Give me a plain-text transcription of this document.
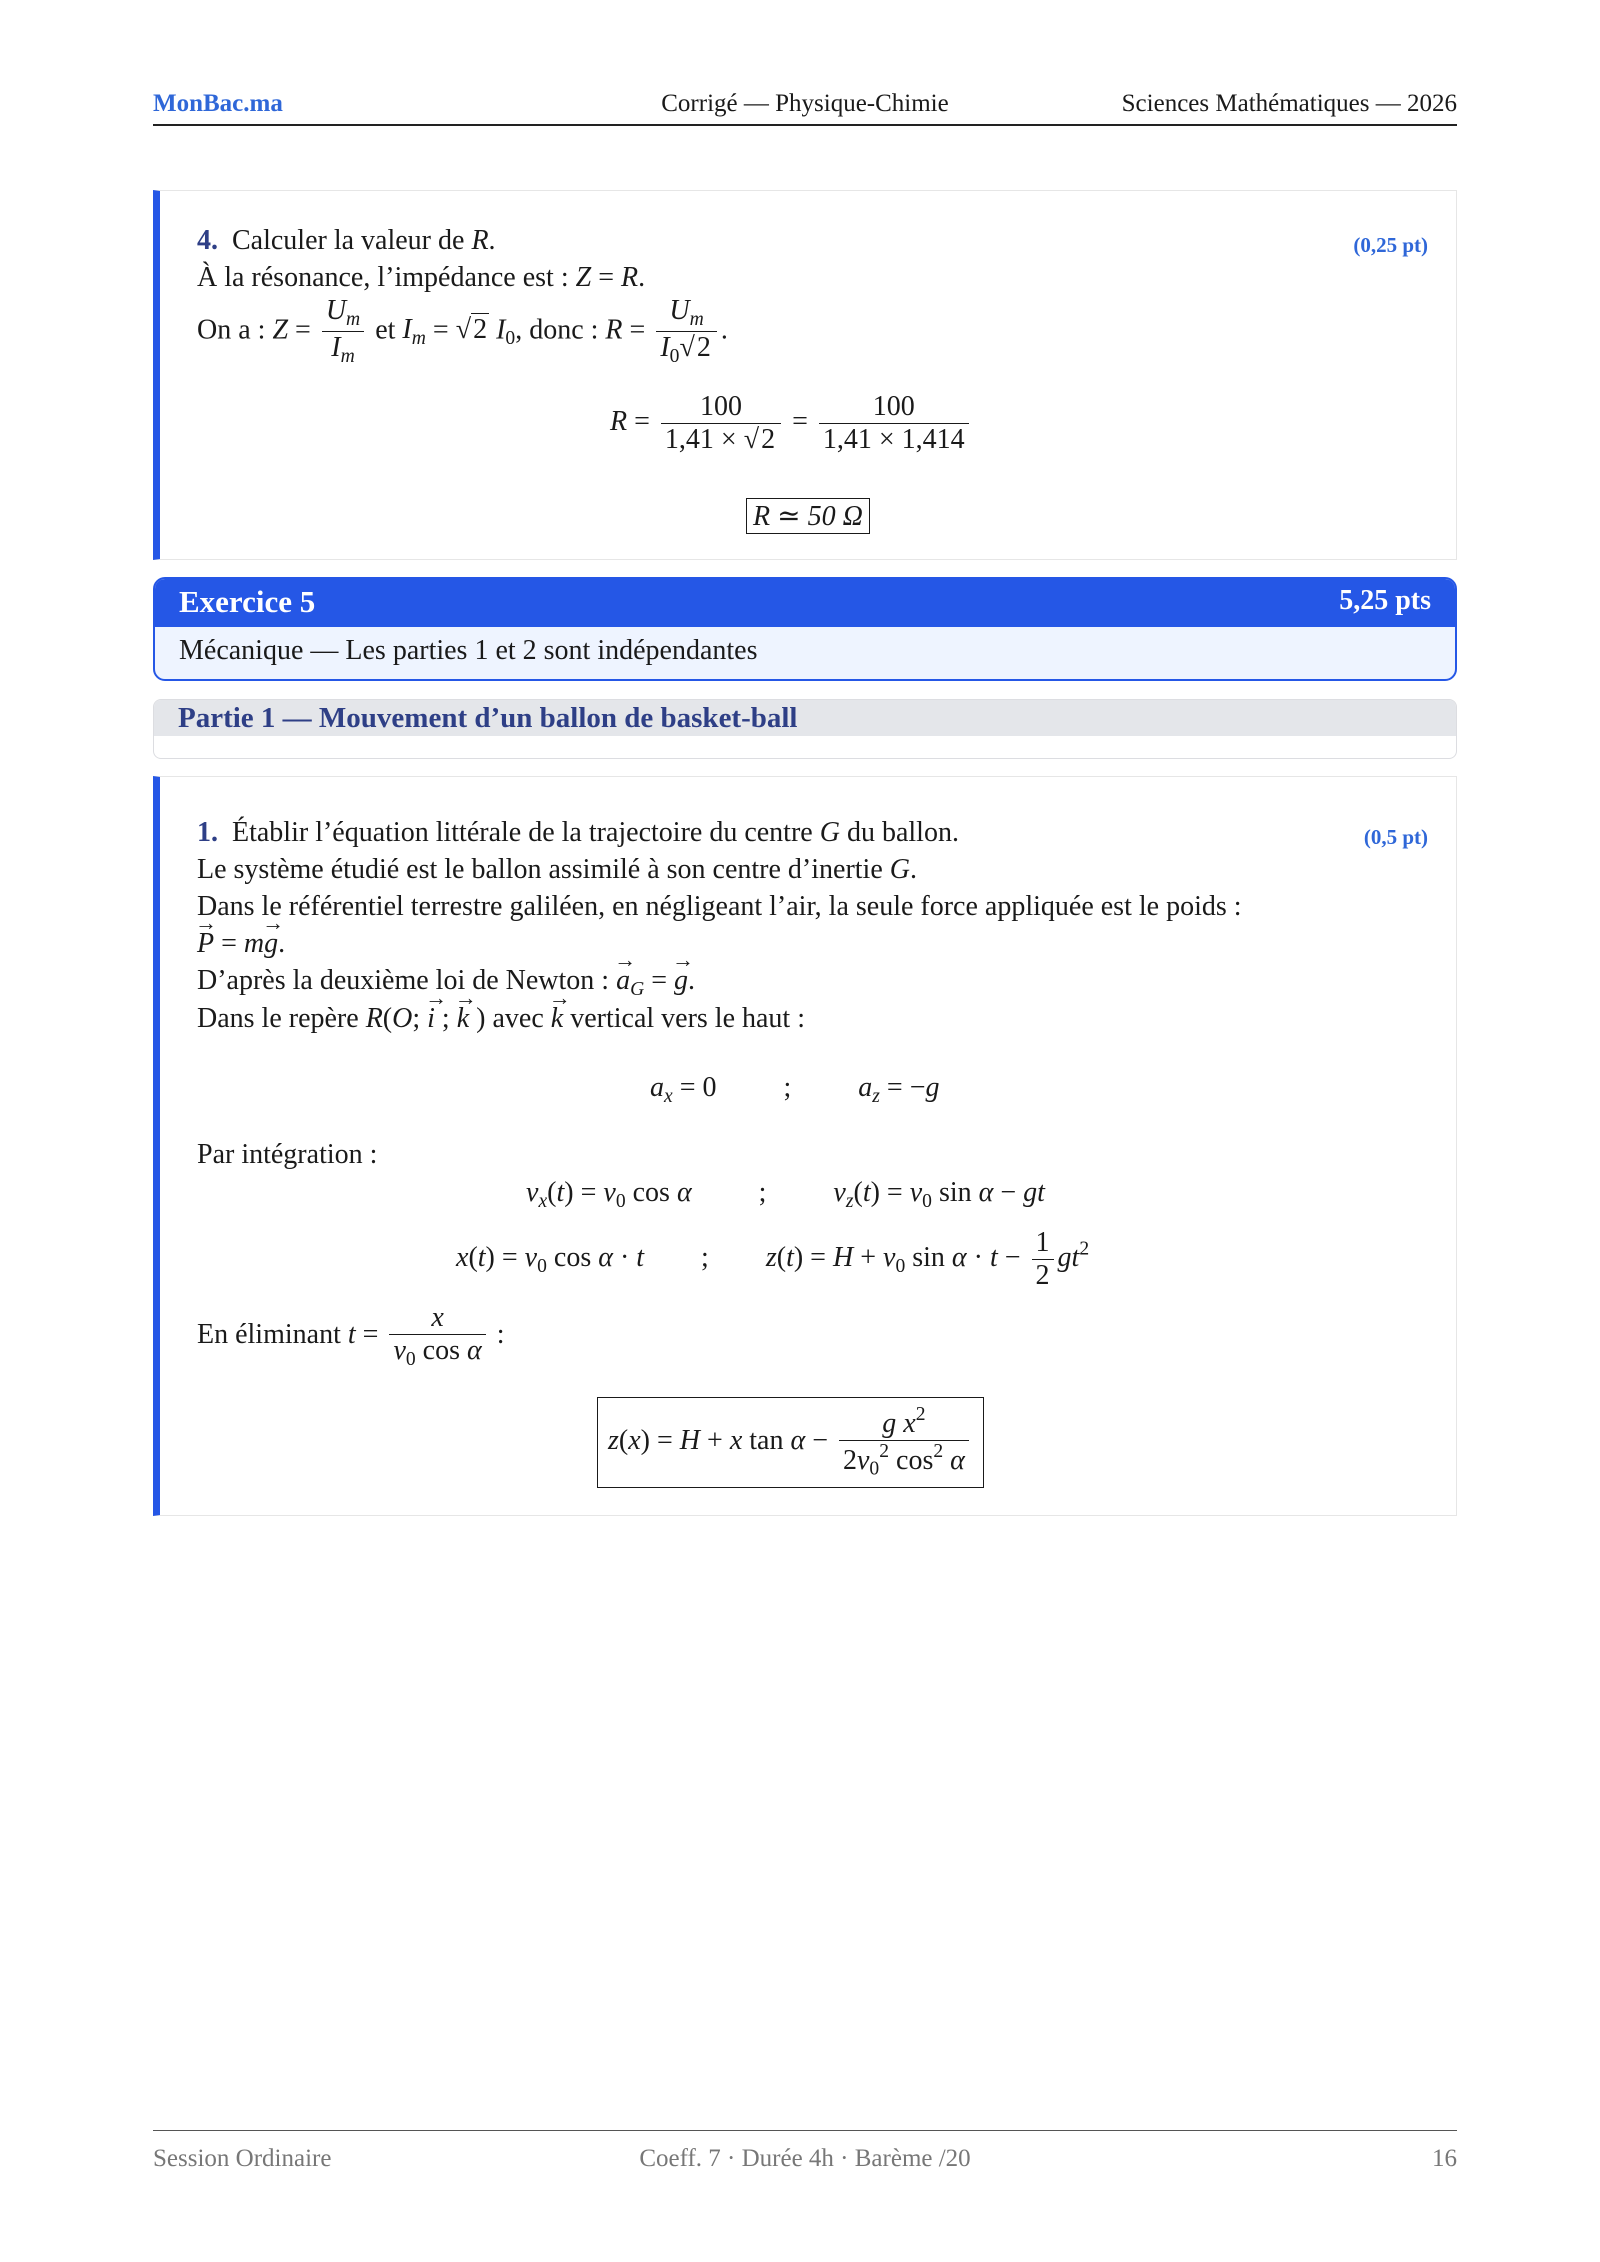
MonBac.ma	Corrigé — Physique-Chimie	Sciences Mathématiques — 2026
4. Calculer la valeur de R.	(0,25 pt)
À la résonance, l’impédance est : Z = R.
On a : $Z = \frac{U_m}{I_m}$ et $I_m = √2$ $I_0$, donc : $R = \frac{U_m}{I_0√2}$ .
$R = \frac{100}{1,41 \times √2} = \frac{100}{1,41 \times 1,414}$
R ≃ 50 Ω
Exercice 5	5,25 pts
Mécanique — Les parties 1 et 2 sont indépendantes
Partie 1 — Mouvement d’un ballon de basket-ball
1. Établir l’équation littérale de la trajectoire du centre G du ballon.	(0,5 pt)
Le système étudié est le ballon assimilé à son centre d’inertie G.
Dans le référentiel terrestre galiléen, en négligeant l’air, la seule force appliquée est le poids :
→ P = m→ g.
D’après la deuxième loi de Newton : → $a_G$ = → g.
Dans le repère R(O; → i ; → k ) avec → k vertical vers le haut :
$a_x = 0$ ; $a_z = -g$
Par intégration :
$v_x(t) = v_0$ cos α ; $v_z(t) = v_0$ sin α − gt
$x(t) = v_0$ cos α · t ; $z(t) = H + v_0$ $\sin \alpha \cdot t - \frac{1}{2} gt^2$
En éliminant $t = \frac{x}{v_0 \cos \alpha}$ :
z(x) = H + x $\tan \alpha - \frac{g x^2}{2v_0^2 \cos^2 \alpha}$
Session Ordinaire	Coeff. 7 · Durée 4h · Barème /20	16
